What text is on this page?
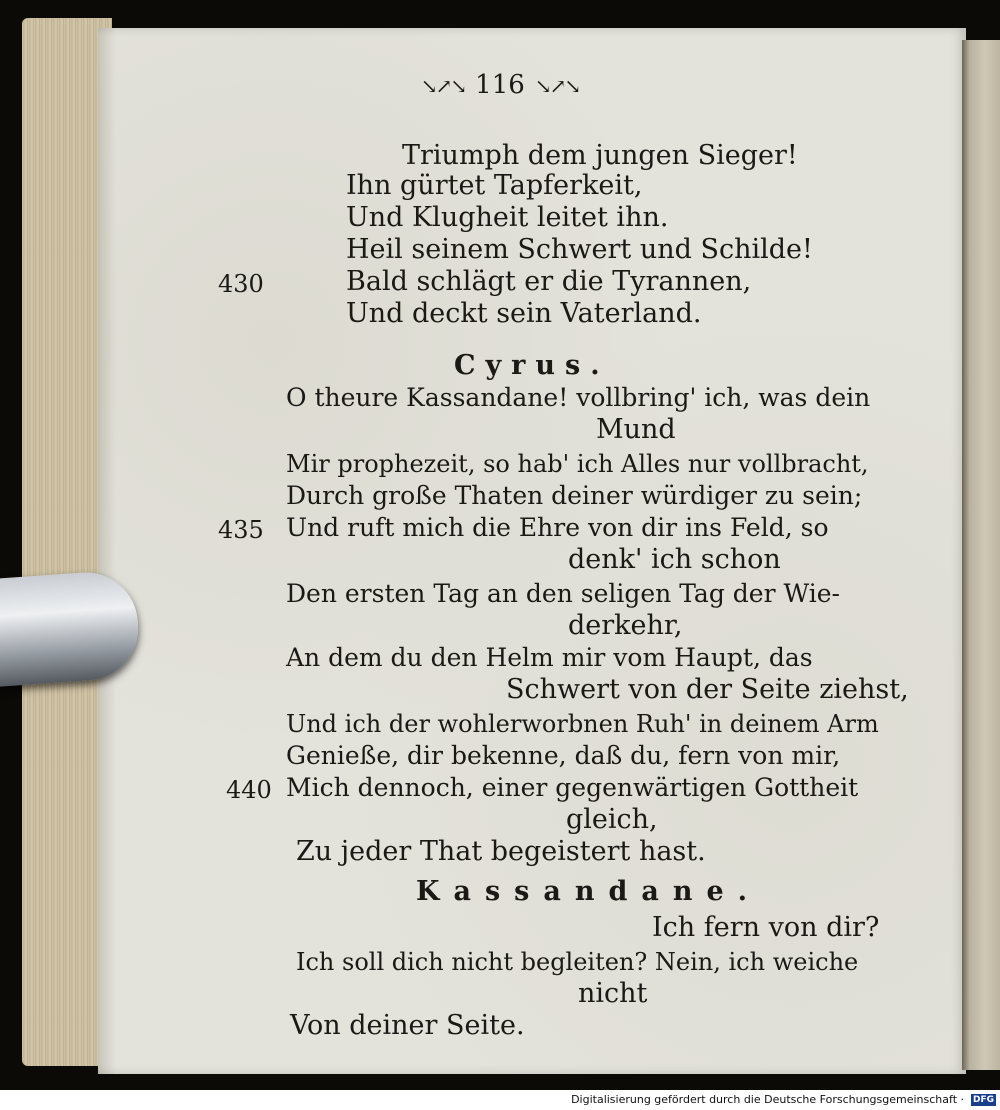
↘↗↘ 116 ↘↗↘
Triumph dem jungen Sieger!
Ihn gürtet Tapferkeit,
Und Klugheit leitet ihn.
Heil seinem Schwert und Schilde!
430	Bald schlägt er die Tyrannen,
Und deckt sein Vaterland.
Cyrus.
O theure Kassandane! vollbring' ich, was dein
Mund
Mir prophezeit, so hab' ich Alles nur vollbracht,
Durch große Thaten deiner würdiger zu sein;
435 Und ruft mich die Ehre von dir ins Feld, so
denk' ich schon
Den ersten Tag an den seligen Tag der Wie-
derkehr,
An dem du den Helm mir vom Haupt, das
Schwert von der Seite ziehst,
Und ich der wohlerworbnen Ruh' in deinem Arm
Genieße, dir bekenne, daß du, fern von mir,
440 Mich dennoch, einer gegenwärtigen Gottheit
gleich,
Zu jeder That begeistert hast.
Kassandane.
Ich fern von dir?
Ich soll dich nicht begleiten? Nein, ich weiche
nicht
Von deiner Seite.
Digitalisierung gefördert durch die Deutsche Forschungsgemeinschaft · DFG
